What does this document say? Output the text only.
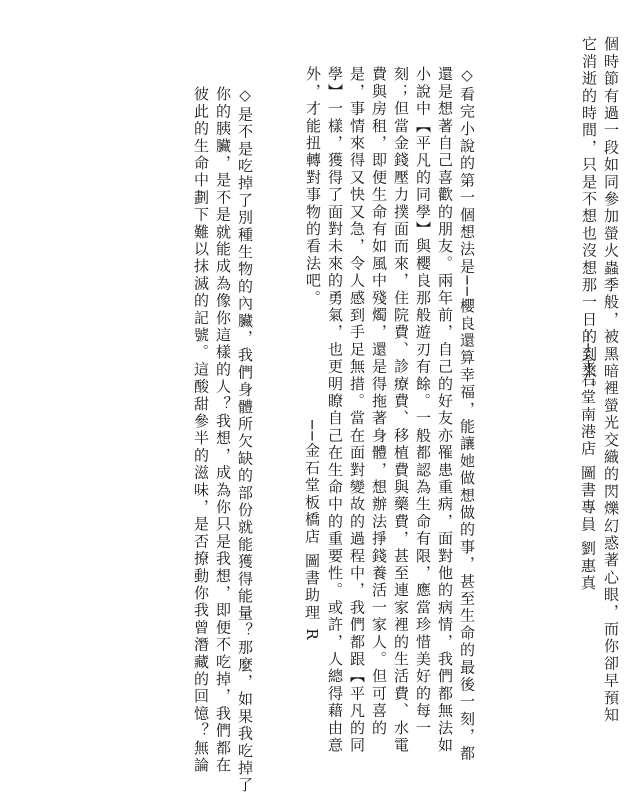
個時節有過一段如同參加螢火蟲季般，被黑暗裡螢光交織的閃爍幻惑著心眼，而你卻早預知
它消逝的時間，只是不想也沒想那一日的到來。
──金石堂南港店 圖書專員 劉惠真
◇看完小說的第一個想法是──櫻良還算幸福，能讓她做想做的事，甚至生命的最後一刻，都
還是想著自己喜歡的朋友。兩年前，自己的好友亦罹患重病，面對他的病情，我們都無法如
小說中【平凡的同學】與櫻良那般遊刃有餘。一般都認為生命有限，應當珍惜美好的每一
刻；但當金錢壓力撲面而來，住院費、診療費、移植費與藥費，甚至連家裡的生活費、水電
費與房租，即便生命有如風中殘燭，還是得拖著身體，想辦法掙錢養活一家人。但可喜的
是，事情來得又快又急，令人感到手足無措。當在面對變故的過程中，我們都跟【平凡的同
學】一樣，獲得了面對未來的勇氣，也更明瞭自己在生命中的重要性。或許，人總得藉由意
外，才能扭轉對事物的看法吧。
──金石堂板橋店 圖書助理 R
◇是不是吃掉了別種生物的內臟，我們身體所欠缺的部份就能獲得能量？那麼，如果我吃掉了
你的胰臟，是不是就能成為像你這樣的人？我想，成為你只是我想，即便不吃掉，我們都在
彼此的生命中劃下難以抹滅的記號。這酸甜參半的滋味，是否撩動你我曾潛藏的回憶？無論
